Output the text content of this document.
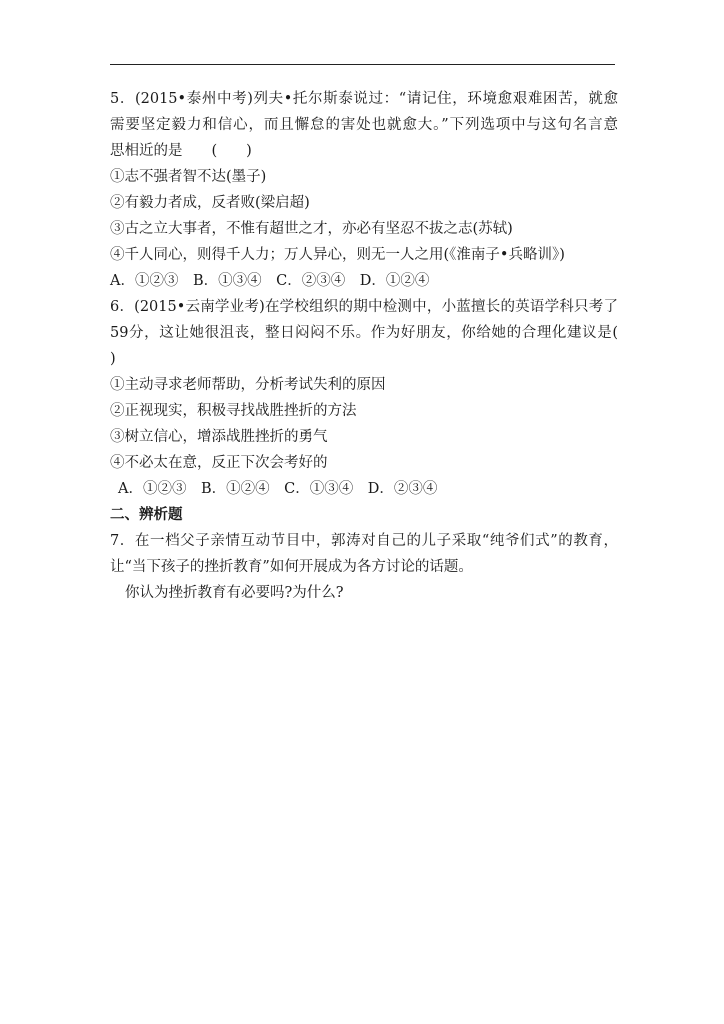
5．(2015•泰州中考)列夫•托尔斯泰说过：“请记住，环境愈艰难困苦，就愈
需要坚定毅力和信心，而且懈怠的害处也就愈大。”下列选项中与这句名言意
思相近的是　　(　　)
①志不强者智不达(墨子)
②有毅力者成，反者败(梁启超)
③古之立大事者，不惟有超世之才，亦必有坚忍不拔之志(苏轼)
④千人同心，则得千人力；万人异心，则无一人之用(《淮南子•兵略训》)
A．①②③　B．①③④　C．②③④　D．①②④
6．(2015•云南学业考)在学校组织的期中检测中，小蓝擅长的英语学科只考了
59分，这让她很沮丧，整日闷闷不乐。作为好朋友，你给她的合理化建议是(
)
①主动寻求老师帮助，分析考试失利的原因
②正视现实，积极寻找战胜挫折的方法
③树立信心，增添战胜挫折的勇气
④不必太在意，反正下次会考好的
A．①②③　B．①②④　C．①③④　D．②③④
二、辨析题
7．在一档父子亲情互动节目中，郭涛对自己的儿子采取“纯爷们式”的教育，
让“当下孩子的挫折教育”如何开展成为各方讨论的话题。
你认为挫折教育有必要吗?为什么?
